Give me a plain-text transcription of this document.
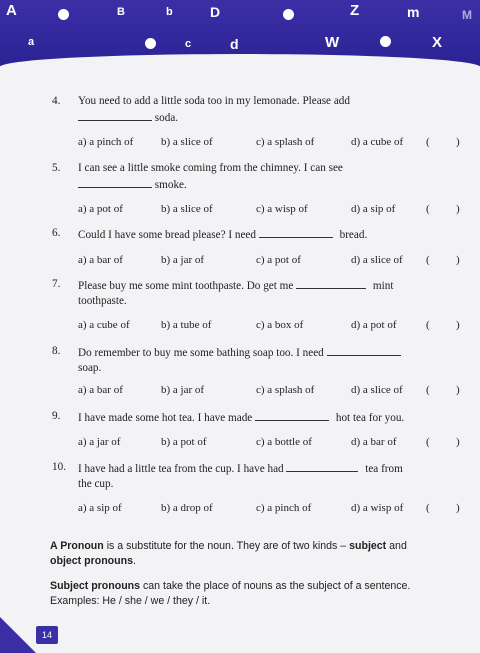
A	B	b	D	Z	m	M
a	c	d	W	X
4.	You need to add a little soda too in my lemonade. Please add
soda.
a) a pinch of	b) a slice of	c) a splash of	d) a cube of ( )
5.	I can see a little smoke coming from the chimney. I can see
smoke.
a) a pot of	b) a slice of	c) a wisp of	d) a sip of	( )
6.	Could I have some bread please? I need	bread.
a) a bar of	b) a jar of	c) a pot of	d) a slice of ( )
7.	Please buy me some mint toothpaste. Do get me	mint
toothpaste.
a) a cube of	b) a tube of	c) a box of	d) a pot of	( )
8.	Do remember to buy me some bathing soap too. I need
soap.
a) a bar of	b) a jar of	c) a splash of	d) a slice of ( )
9.	I have made some hot tea. I have made	hot tea for you.
a) a jar of	b) a pot of	c) a bottle of	d) a bar of	( )
10.	I have had a little tea from the cup. I have had	tea from
the cup.
a) a sip of	b) a drop of	c) a pinch of	d) a wisp of ( )
A Pronoun is a substitute for the noun. They are of two kinds – subject and
object pronouns.
Subject pronouns can take the place of nouns as the subject of a sentence.
Examples: He / she / we / they / it.
14
